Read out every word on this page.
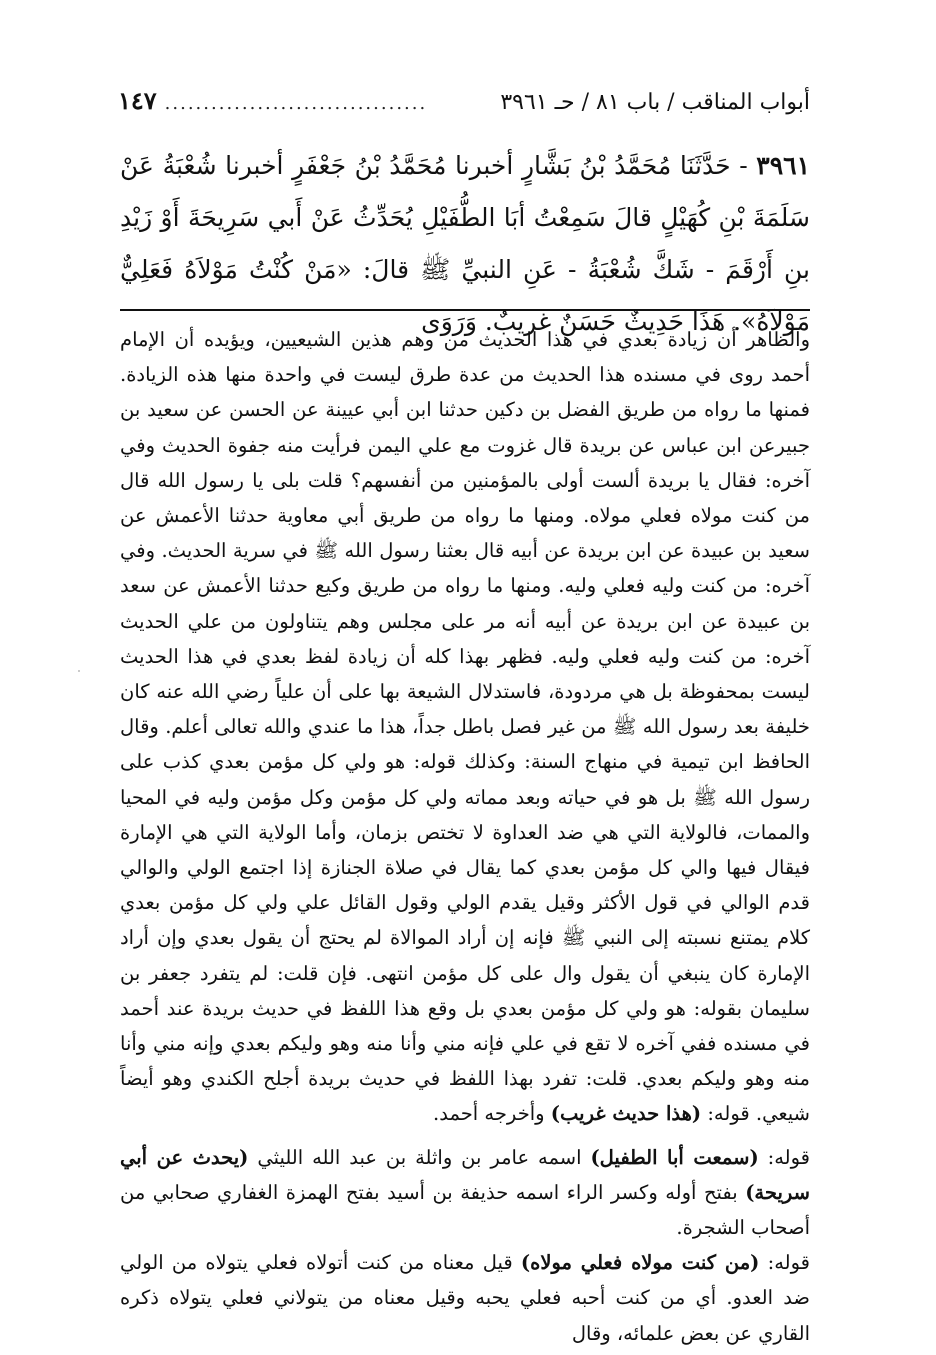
أبواب المناقب / باب ٨١ / حـ ٣٩٦١
..................................
١٤٧
٣٩٦١ - حَدَّثَنَا مُحَمَّدُ بْنُ بَشَّارٍ أخبرنا مُحَمَّدُ بْنُ جَعْفَرٍ أخبرنا شُعْبَةُ عَنْ سَلَمَةَ بْنِ كُهَيْلٍ قالَ سَمِعْتُ أبَا الطُّفَيْلِ يُحَدِّثُ عَنْ أَبي سَرِيحَةَ أَوْ زَيْدِ بنِ أَرْقَمَ - شَكَّ شُعْبَةُ - عَنِ النبيِّ ﷺ قالَ: «مَنْ كُنْتُ مَوْلاَهُ فَعَلِيٌّ مَوْلاَهُ». هَذَا حَدِيثٌ حَسَنٌ غريبٌ. وَرَوَى

والظاهر أن زيادة بعدي في هذا الحديث من وهم هذين الشيعيين، ويؤيده أن الإمام أحمد روى في مسنده هذا الحديث من عدة طرق ليست في واحدة منها هذه الزيادة. فمنها ما رواه من طريق الفضل بن دكين حدثنا ابن أبي عيينة عن الحسن عن سعيد بن جبيرعن ابن عباس عن بريدة قال غزوت مع علي اليمن فرأيت منه جفوة الحديث وفي آخره: فقال يا بريدة ألست أولى بالمؤمنين من أنفسهم؟ قلت بلى يا رسول الله قال من كنت مولاه فعلي مولاه. ومنها ما رواه من طريق أبي معاوية حدثنا الأعمش عن سعيد بن عبيدة عن ابن بريدة عن أبيه قال بعثنا رسول الله ﷺ في سرية الحديث. وفي آخره: من كنت وليه فعلي وليه. ومنها ما رواه من طريق وكيع حدثنا الأعمش عن سعد بن عبيدة عن ابن بريدة عن أبيه أنه مر على مجلس وهم يتناولون من علي الحديث آخره: من كنت وليه فعلي وليه. فظهر بهذا كله أن زيادة لفظ بعدي في هذا الحديث ليست بمحفوظة بل هي مردودة، فاستدلال الشيعة بها على أن علياً رضي الله عنه كان خليفة بعد رسول الله ﷺ من غير فصل باطل جداً، هذا ما عندي والله تعالى أعلم. وقال الحافظ ابن تيمية في منهاج السنة: وكذلك قوله: هو ولي كل مؤمن بعدي كذب على رسول الله ﷺ بل هو في حياته وبعد مماته ولي كل مؤمن وكل مؤمن وليه في المحيا والممات، فالولاية التي هي ضد العداوة لا تختص بزمان، وأما الولاية التي هي الإمارة فيقال فيها والي كل مؤمن بعدي كما يقال في صلاة الجنازة إذا اجتمع الولي والوالي قدم الوالي في قول الأكثر وقيل يقدم الولي وقول القائل علي ولي كل مؤمن بعدي كلام يمتنع نسبته إلى النبي ﷺ فإنه إن أراد الموالاة لم يحتج أن يقول بعدي وإن أراد الإمارة كان ينبغي أن يقول وال على كل مؤمن انتهى. فإن قلت: لم يتفرد جعفر بن سليمان بقوله: هو ولي كل مؤمن بعدي بل وقع هذا اللفظ في حديث بريدة عند أحمد في مسنده ففي آخره لا تقع في علي فإنه مني وأنا منه وهو وليكم بعدي وإنه مني وأنا منه وهو وليكم بعدي. قلت: تفرد بهذا اللفظ في حديث بريدة أجلح الكندي وهو أيضاً شيعي. قوله: (هذا حديث غريب) وأخرجه أحمد.

قوله: (سمعت أبا الطفيل) اسمه عامر بن واثلة بن عبد الله الليثي (يحدث عن أبي سريحة) بفتح أوله وكسر الراء اسمه حذيفة بن أسيد بفتح الهمزة الغفاري صحابي من أصحاب الشجرة.

قوله: (من كنت مولاه فعلي مولاه) قيل معناه من كنت أتولاه فعلي يتولاه من الولي ضد العدو. أي من كنت أحبه فعلي يحبه وقيل معناه من يتولاني فعلي يتولاه ذكره القاري عن بعض علمائه، وقال
